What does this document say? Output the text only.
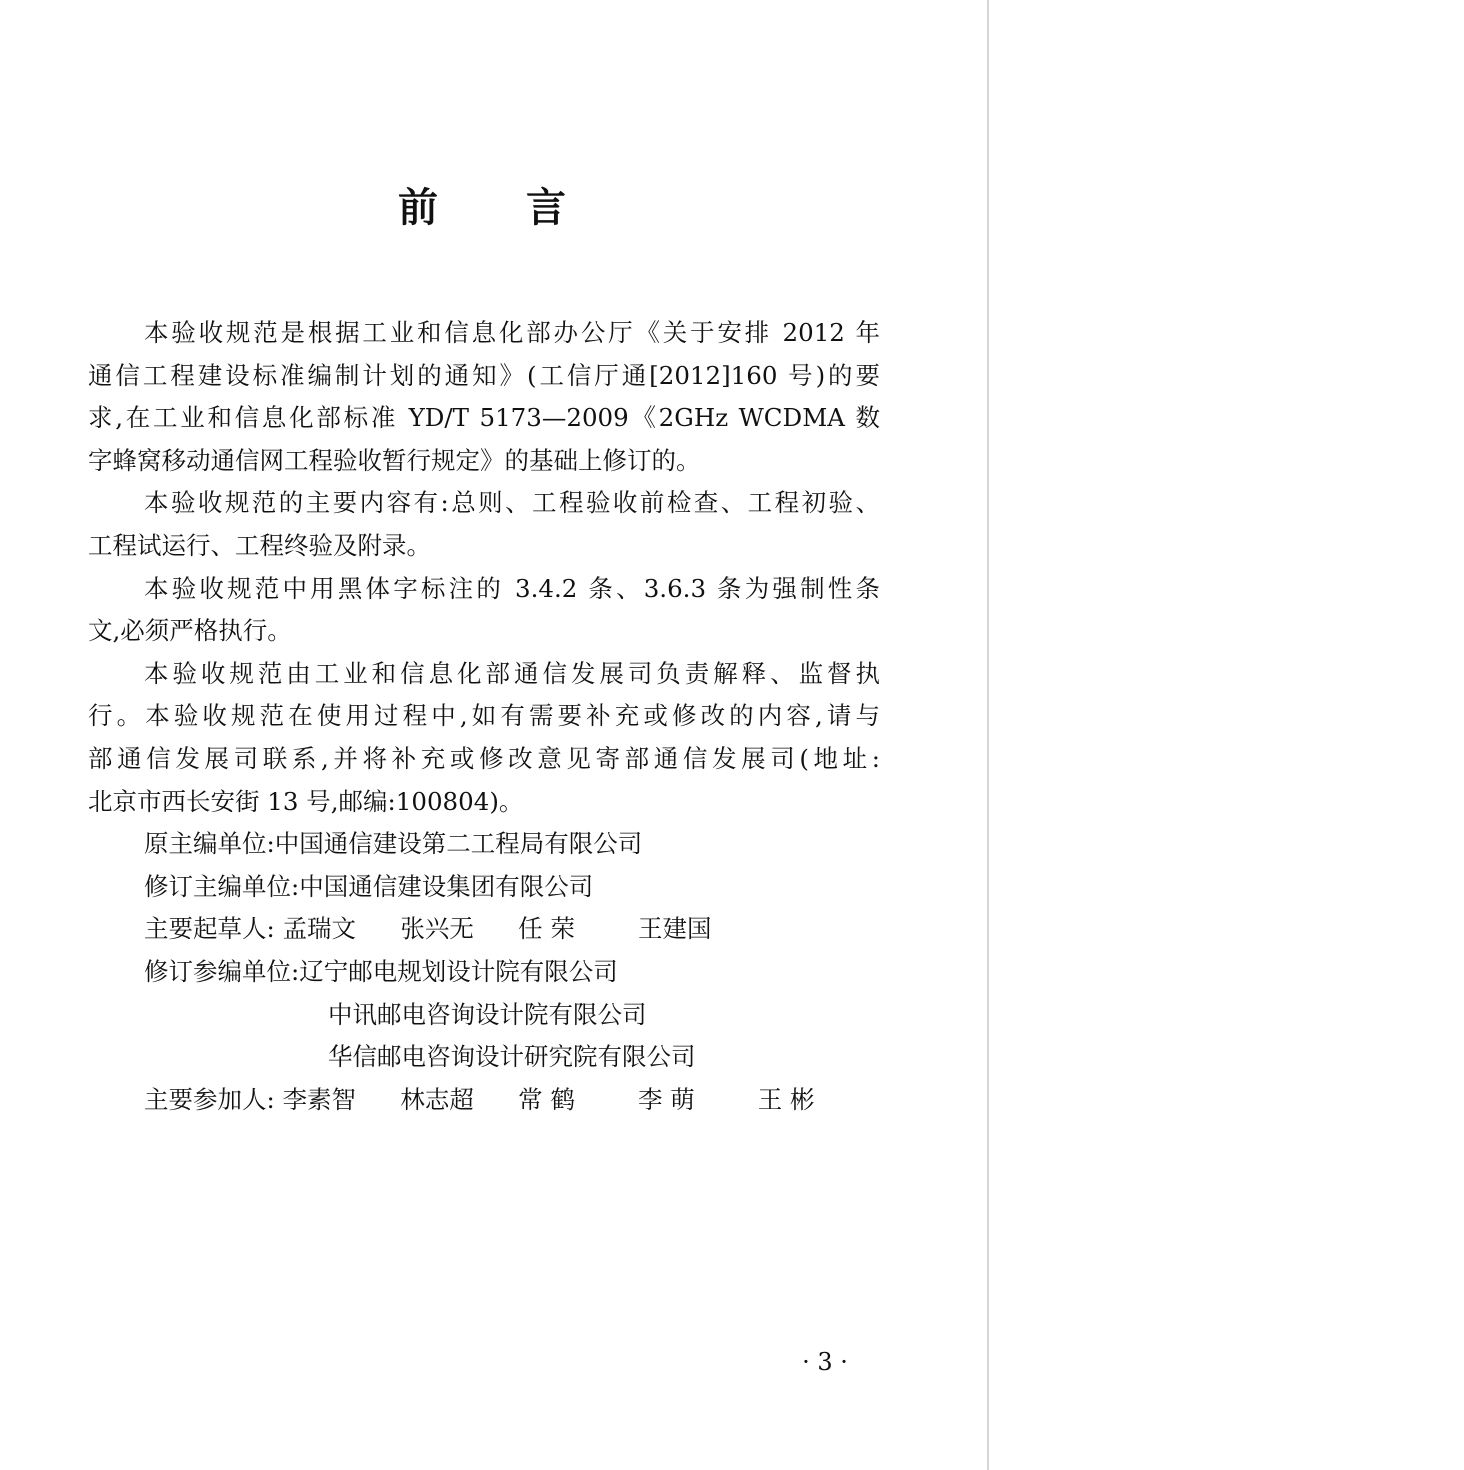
前 言
本验收规范是根据工业和信息化部办公厅《关于安排 2012 年
通信工程建设标准编制计划的通知》(工信厅通[2012]160 号)的要
求,在工业和信息化部标准 YD/T 5173—2009《2GHz WCDMA 数
字蜂窝移动通信网工程验收暂行规定》的基础上修订的。
本验收规范的主要内容有:总则、工程验收前检查、工程初验、
工程试运行、工程终验及附录。
本验收规范中用黑体字标注的 3.4.2 条、3.6.3 条为强制性条
文,必须严格执行。
本验收规范由工业和信息化部通信发展司负责解释、监督执
行。本验收规范在使用过程中,如有需要补充或修改的内容,请与
部通信发展司联系,并将补充或修改意见寄部通信发展司(地址:
北京市西长安街 13 号,邮编:100804)。
原主编单位:中国通信建设第二工程局有限公司
修订主编单位:中国通信建设集团有限公司
主要起草人: 孟瑞文 张兴无 任 荣	王建国
修订参编单位:辽宁邮电规划设计院有限公司
中讯邮电咨询设计院有限公司
华信邮电咨询设计研究院有限公司
主要参加人: 李素智 林志超 常 鹤	李 萌	王 彬
· 3 ·
